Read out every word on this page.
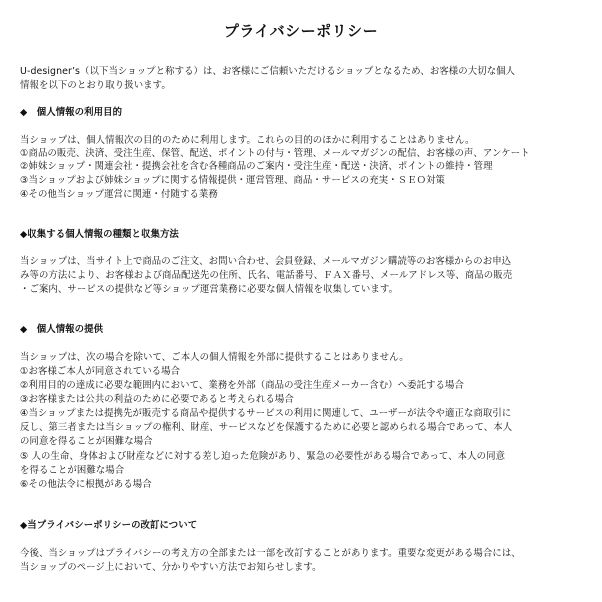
プライバシーポリシー
U-designer’s（以下当ショップと称する）は、お客様にご信頼いただけるショップとなるため、お客様の大切な個人
情報を以下のとおり取り扱います。
◆　個人情報の利用目的
当ショップは、個人情報次の目的のために利用します。これらの目的のほかに利用することはありません。
①商品の販売、決済、受注生産、保管、配送、ポイントの付与・管理、メールマガジンの配信、お客様の声、アンケート
②姉妹ショップ・関連会社・提携会社を含む各種商品のご案内・受注生産・配送・決済、ポイントの維持・管理
③当ショップおよび姉妹ショップに関する情報提供・運営管理、商品・サービスの充実・ＳＥＯ対策
④その他当ショップ運営に関連・付随する業務
◆収集する個人情報の種類と収集方法
当ショップは、当サイト上で商品のご注文、お問い合わせ、会員登録、メールマガジン購読等のお客様からのお申込
み等の方法により、お客様および商品配送先の住所、氏名、電話番号、ＦＡＸ番号、メールアドレス等、商品の販売
・ご案内、サービスの提供など等ショップ運営業務に必要な個人情報を収集しています。
◆　個人情報の提供
当ショップは、次の場合を除いて、ご本人の個人情報を外部に提供することはありません。
①お客様ご本人が同意されている場合
②利用目的の達成に必要な範囲内において、業務を外部（商品の受注生産メーカー含む）へ委託する場合
③お客様または公共の利益のために必要であると考えられる場合
④当ショップまたは提携先が販売する商品や提供するサービスの利用に関連して、ユーザーが法令や適正な商取引に
反し、第三者または当ショップの権利、財産、サービスなどを保護するために必要と認められる場合であって、本人
の同意を得ることが困難な場合
⑤ 人の生命、身体および財産などに対する差し迫った危険があり、緊急の必要性がある場合であって、本人の同意
を得ることが困難な場合
⑥その他法令に根拠がある場合
◆当プライバシーポリシーの改訂について
今後、当ショップはプライバシーの考え方の全部または一部を改訂することがあります。重要な変更がある場合には、
当ショップのページ上において、分かりやすい方法でお知らせします。
